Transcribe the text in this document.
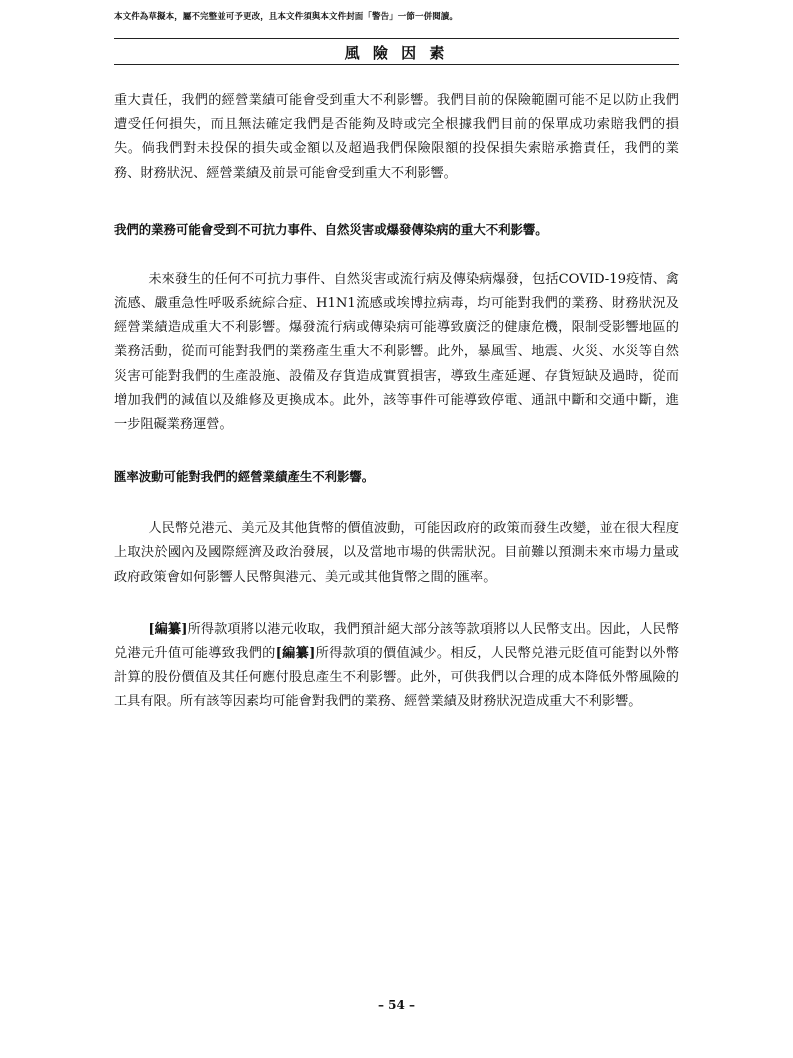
本文件為草擬本，屬不完整並可予更改，且本文件須與本文件封面「警告」一節一併閱讀。
風 險 因 素

重大責任，我們的經營業績可能會受到重大不利影響。我們目前的保險範圍可能不足以防止我們遭受任何損失，而且無法確定我們是否能夠及時或完全根據我們目前的保單成功索賠我們的損失。倘我們對未投保的損失或金額以及超過我們保險限額的投保損失索賠承擔責任，我們的業務、財務狀況、經營業績及前景可能會受到重大不利影響。

我們的業務可能會受到不可抗力事件、自然災害或爆發傳染病的重大不利影響。

未來發生的任何不可抗力事件、自然災害或流行病及傳染病爆發，包括COVID-19疫情、禽流感、嚴重急性呼吸系統綜合症、H1N1流感或埃博拉病毒，均可能對我們的業務、財務狀況及經營業績造成重大不利影響。爆發流行病或傳染病可能導致廣泛的健康危機，限制受影響地區的業務活動，從而可能對我們的業務產生重大不利影響。此外，暴風雪、地震、火災、水災等自然災害可能對我們的生產設施、設備及存貨造成實質損害，導致生產延遲、存貨短缺及過時，從而增加我們的減值以及維修及更換成本。此外，該等事件可能導致停電、通訊中斷和交通中斷，進一步阻礙業務運營。

匯率波動可能對我們的經營業績產生不利影響。

人民幣兑港元、美元及其他貨幣的價值波動，可能因政府的政策而發生改變，並在很大程度上取決於國內及國際經濟及政治發展，以及當地市場的供需狀況。目前難以預測未來市場力量或政府政策會如何影響人民幣與港元、美元或其他貨幣之間的匯率。

[編纂]所得款項將以港元收取，我們預計絕大部分該等款項將以人民幣支出。因此，人民幣兑港元升值可能導致我們的[編纂]所得款項的價值減少。相反，人民幣兑港元貶值可能對以外幣計算的股份價值及其任何應付股息產生不利影響。此外，可供我們以合理的成本降低外幣風險的工具有限。所有該等因素均可能會對我們的業務、經營業績及財務狀況造成重大不利影響。

– 54 –
